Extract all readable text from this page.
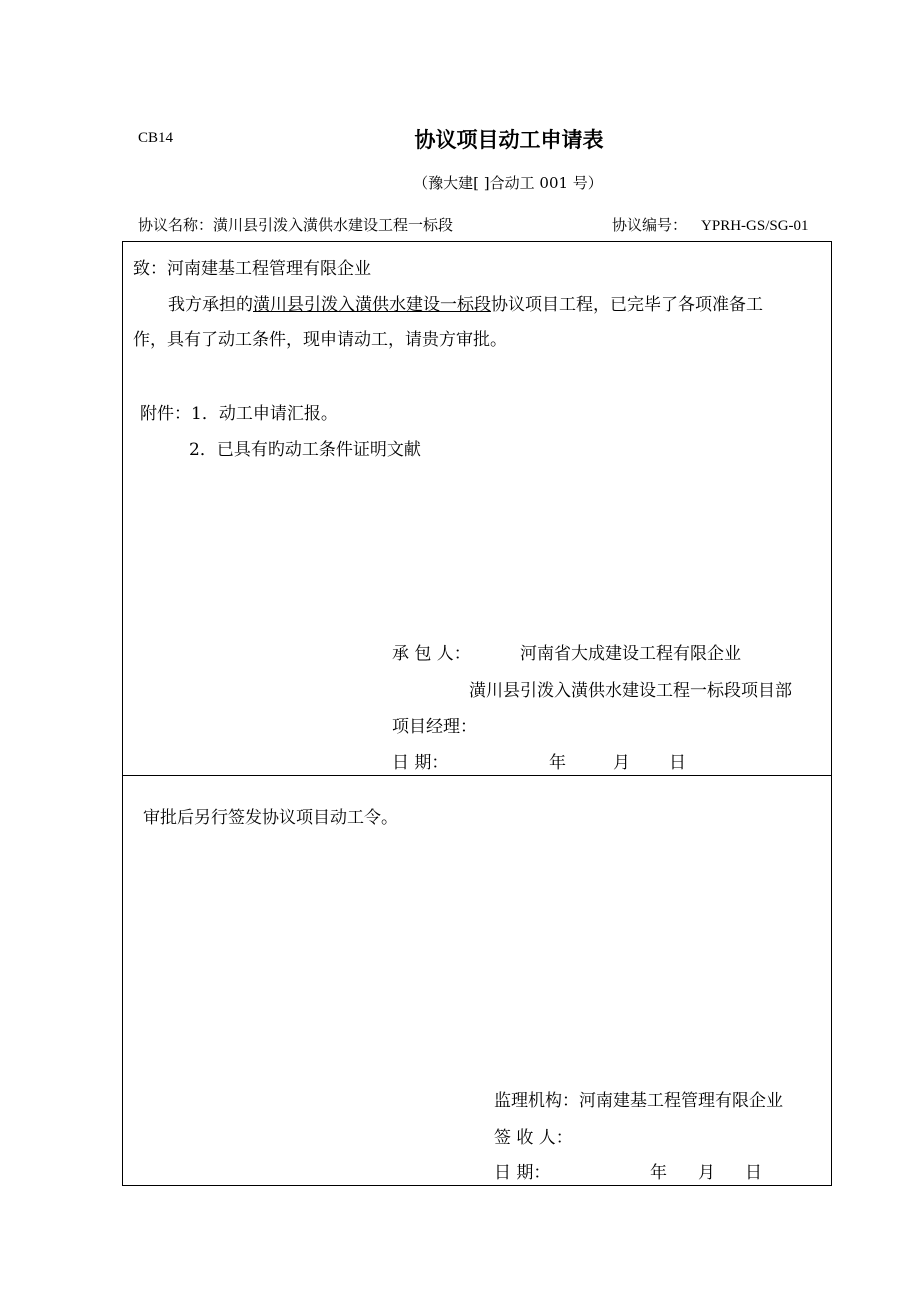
CB14	协议项目动工申请表
（豫大建[ ]合动工 001 号）
协议名称：潢川县引泼入潢供水建设工程一标段	协议编号： YPRH-GS/SG-01
致：河南建基工程管理有限企业
我方承担的潢川县引泼入潢供水建设一标段协议项目工程，已完毕了各项准备工
作，具有了动工条件，现申请动工，请贵方审批。
附件：1．动工申请汇报。
2．已具有旳动工条件证明文献
承 包 人：	河南省大成建设工程有限企业
潢川县引泼入潢供水建设工程一标段项目部
项目经理：
日 期：	年	月 日
审批后另行签发协议项目动工令。
监理机构：河南建基工程管理有限企业
签 收 人：
日 期：	年 月 日
